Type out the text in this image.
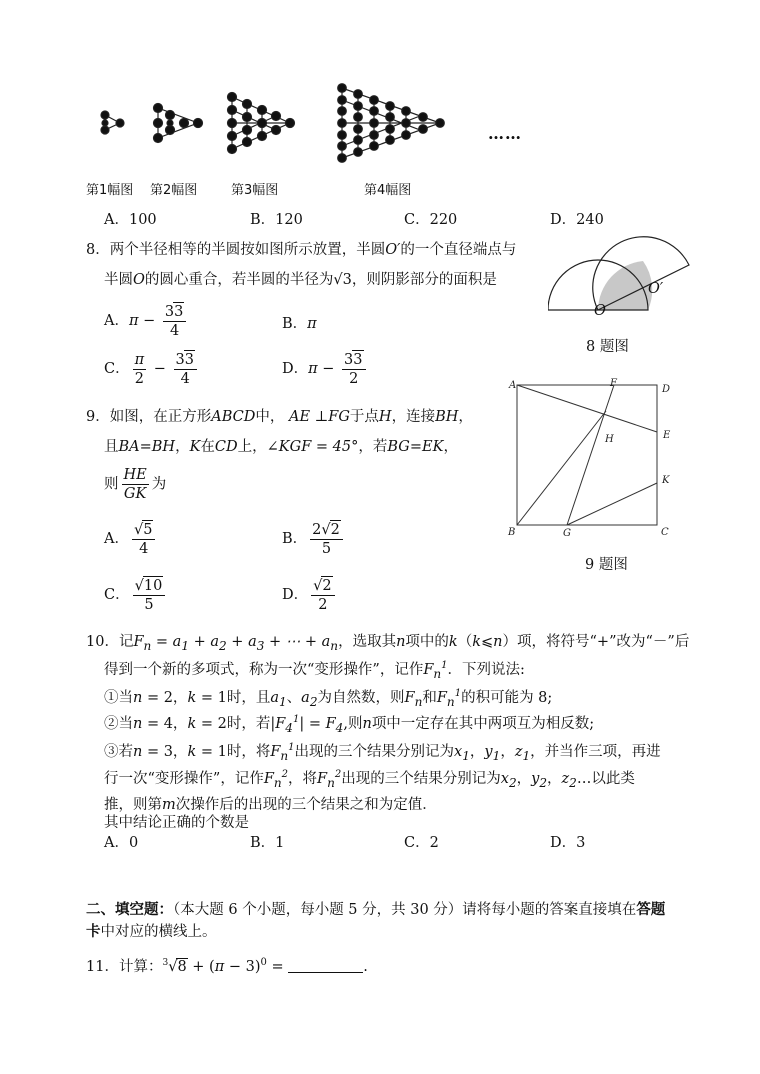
……
第1幅图 第2幅图	第3幅图	第4幅图
A．100	B．120	C．220	D．240
8．两个半径相等的半圆按如图所示放置，半圆O′的一个直径端点与
半圆O的圆心重合，若半圆的半径为√3，则阴影部分的面积是
O′
O
8 题图
A．$\pi - \frac{33}{4}$	B．π
C． $\frac{\pi}{2} - \frac{33}{4}$	D．$\pi - \frac{33}{2}$
9．如图，在正方形ABCD中， AE ⊥FG于点H，连接BH，
且BA=BH，K在CD上，∠KGF = 45°，若BG=EK，
则 $\frac{HE}{GK}$ 为
A	F
D
E
H
K
B	G	C
9 题图
A． $\frac{√5}{4}$	B． $\frac{2√2}{5}$
C． $\frac{√10}{5}$	D． $\frac{√2}{2}$
10．记$F_n = a_1 + a_2 + a_3$ + ⋯ + $a_n$，选取其n项中的k（k⩽n）项，将符号“+”改为“－”后
得到一个新的多项式，称为一次“变形操作”，记作$F_n^1$．下列说法:
①当n = 2，k = 1时，且$a_1$、$a_2$为自然数，则$F_n$和$F_n^1$的积可能为 8;
②当n = 4，k = 2时，若$|F_4^1| = F_4$,则n项中一定存在其中两项互为相反数;
③若n = 3，k = 1时，将$F_n^1$出现的三个结果分别记为$x_1$，$y_1$，$z_1$，并当作三项，再进
行一次“变形操作”，记作$F_n^2$，将$F_n^2$出现的三个结果分别记为$x_2$，$y_2$，$z_2\dots$以此类
推，则第m次操作后的出现的三个结果之和为定值．
其中结论正确的个数是
A．0	B．1	C．2	D．3
二、填空题：（本大题 6 个小题，每小题 5 分，共 30 分）请将每小题的答案直接填在答题
卡中对应的横线上。
11．计算：$^3√8 + (\pi - 3)^0$ =	.
